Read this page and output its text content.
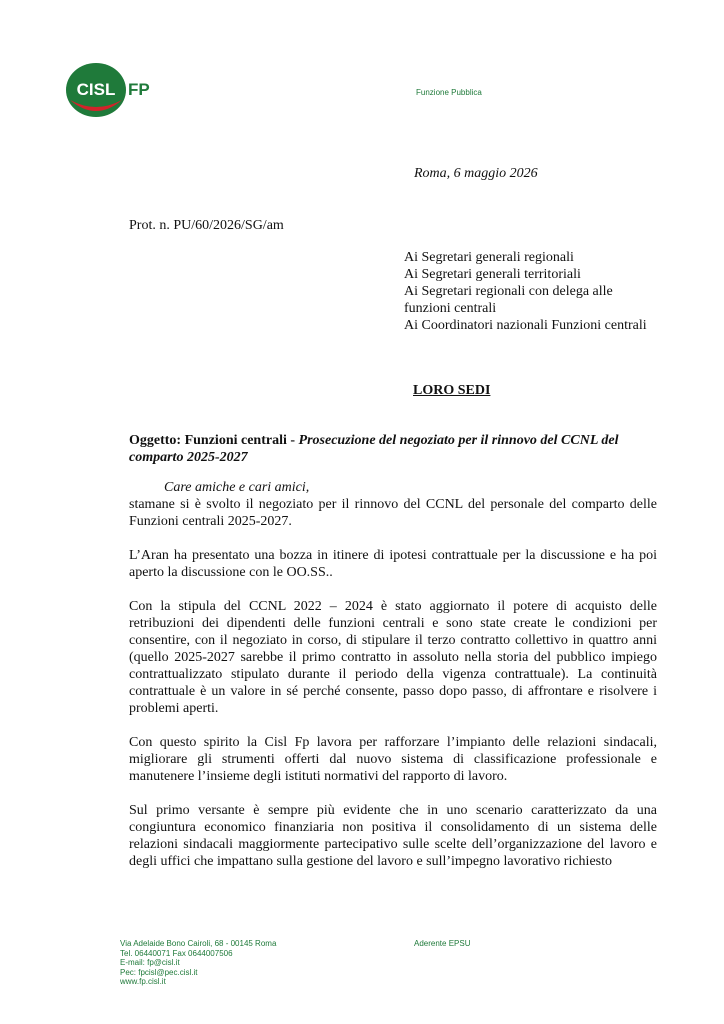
CISL FP	Funzione Pubblica
Roma, 6 maggio 2026
Prot. n. PU/60/2026/SG/am
Ai Segretari generali regionali
Ai Segretari generali territoriali
Ai Segretari regionali con delega alle funzioni centrali
Ai Coordinatori nazionali Funzioni centrali
LORO SEDI
Oggetto: Funzioni centrali - Prosecuzione del negoziato per il rinnovo del CCNL del comparto 2025-2027
Care amiche e cari amici,

stamane si è svolto il negoziato per il rinnovo del CCNL del personale del comparto delle Funzioni centrali 2025-2027.

L’Aran ha presentato una bozza in itinere di ipotesi contrattuale per la discussione e ha poi aperto la discussione con le OO.SS..

Con la stipula del CCNL 2022 – 2024 è stato aggiornato il potere di acquisto delle retribuzioni dei dipendenti delle funzioni centrali e sono state create le condizioni per consentire, con il negoziato in corso, di stipulare il terzo contratto collettivo in quattro anni (quello 2025-2027 sarebbe il primo contratto in assoluto nella storia del pubblico impiego contrattualizzato stipulato durante il periodo della vigenza contrattuale). La continuità contrattuale è un valore in sé perché consente, passo dopo passo, di affrontare e risolvere i problemi aperti.

Con questo spirito la Cisl Fp lavora per rafforzare l’impianto delle relazioni sindacali, migliorare gli strumenti offerti dal nuovo sistema di classificazione professionale e manutenere l’insieme degli istituti normativi del rapporto di lavoro.

Sul primo versante è sempre più evidente che in uno scenario caratterizzato da una congiuntura economico finanziaria non positiva il consolidamento di un sistema delle relazioni sindacali maggiormente partecipativo sulle scelte dell’organizzazione del lavoro e degli uffici che impattano sulla gestione del lavoro e sull’impegno lavorativo richiesto

Via Adelaide Bono Cairoli, 68 - 00145 Roma
Tel. 06440071 Fax 0644007506
E-mail: fp@cisl.it
Pec: fpcisl@pec.cisl.it
www.fp.cisl.it
Aderente EPSU
